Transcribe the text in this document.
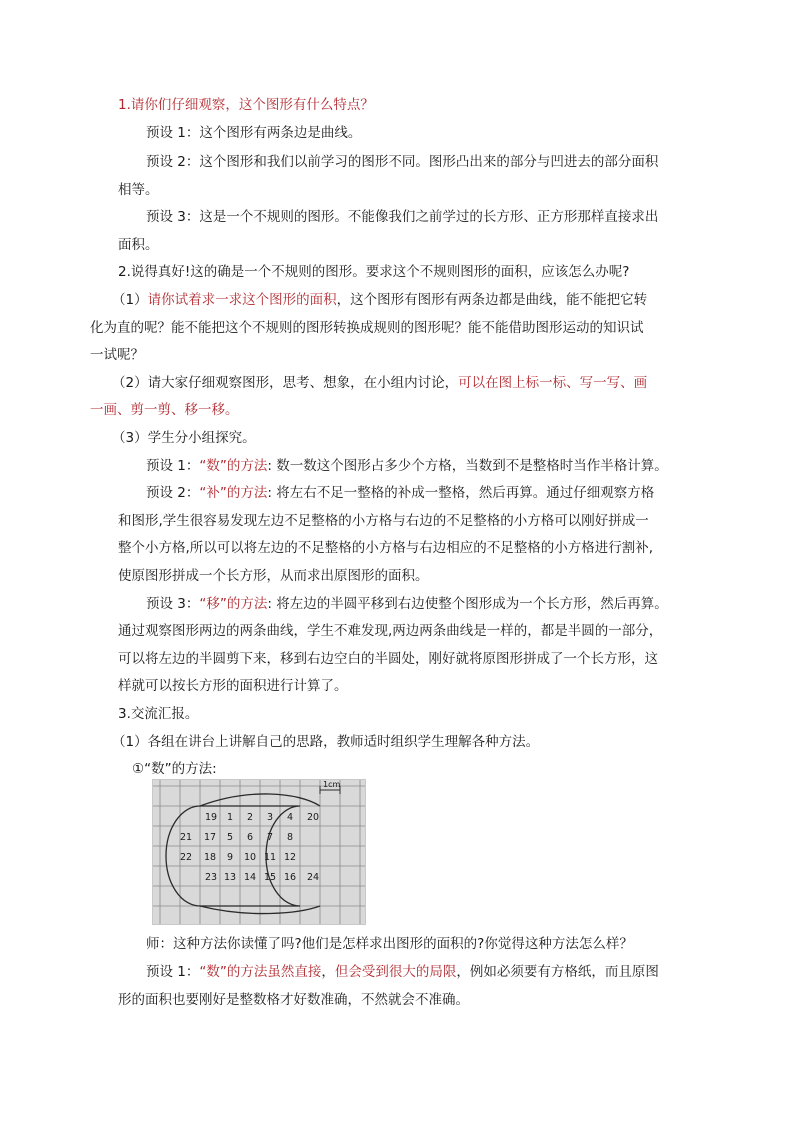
1.请你们仔细观察，这个图形有什么特点？
预设 1：这个图形有两条边是曲线。
预设 2：这个图形和我们以前学习的图形不同。图形凸出来的部分与凹进去的部分面积
相等。
预设 3：这是一个不规则的图形。不能像我们之前学过的长方形、正方形那样直接求出
面积。
2.说得真好!这的确是一个不规则的图形。要求这个不规则图形的面积，应该怎么办呢?
（1）请你试着求一求这个图形的面积，这个图形有图形有两条边都是曲线，能不能把它转
化为直的呢？能不能把这个不规则的图形转换成规则的图形呢？能不能借助图形运动的知识试
一试呢？
（2）请大家仔细观察图形，思考、想象，在小组内讨论，可以在图上标一标、写一写、画
一画、剪一剪、移一移。
（3）学生分小组探究。
预设 1：“数”的方法: 数一数这个图形占多少个方格，当数到不是整格时当作半格计算。
预设 2：“补”的方法: 将左右不足一整格的补成一整格，然后再算。通过仔细观察方格
和图形,学生很容易发现左边不足整格的小方格与右边的不足整格的小方格可以刚好拼成一
整个小方格,所以可以将左边的不足整格的小方格与右边相应的不足整格的小方格进行割补,
使原图形拼成一个长方形，从而求出原图形的面积。
预设 3：“移”的方法: 将左边的半圆平移到右边使整个图形成为一个长方形，然后再算。
通过观察图形两边的两条曲线，学生不难发现,两边两条曲线是一样的，都是半圆的一部分，
可以将左边的半圆剪下来，移到右边空白的半圆处，刚好就将原图形拼成了一个长方形，这
样就可以按长方形的面积进行计算了。
3.交流汇报。
（1）各组在讲台上讲解自己的思路，教师适时组织学生理解各种方法。
①“数”的方法:
1cm
19 1 2 3 4 20
21 17 5 6 7 8
22 18 9 10 11 12
23 13 14 15 16 24
师：这种方法你读懂了吗?他们是怎样求出图形的面积的?你觉得这种方法怎么样？
预设 1：“数”的方法虽然直接，但会受到很大的局限，例如必须要有方格纸，而且原图
形的面积也要刚好是整数格才好数准确，不然就会不准确。
